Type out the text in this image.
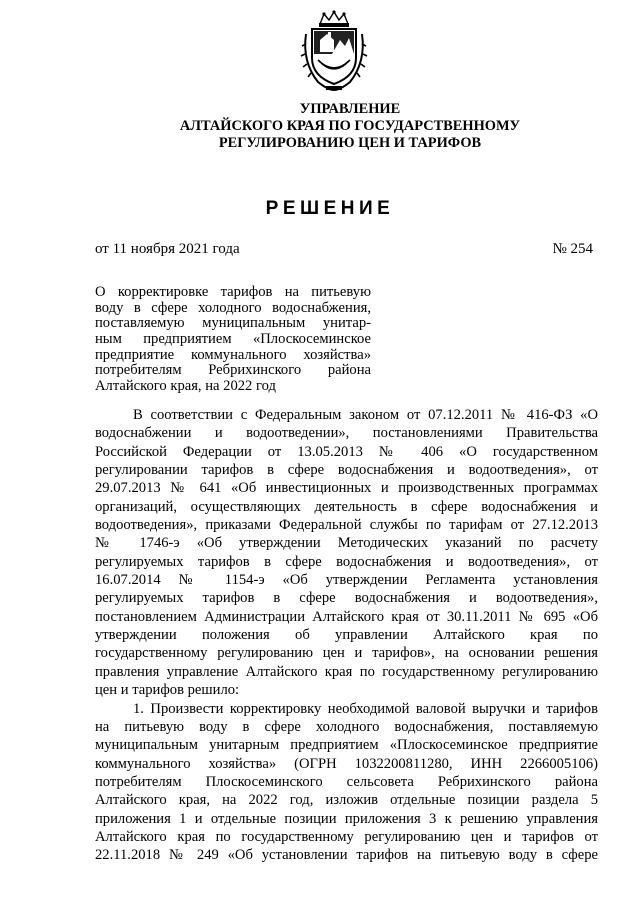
УПРАВЛЕНИЕ
АЛТАЙСКОГО КРАЯ ПО ГОСУДАРСТВЕННОМУ
РЕГУЛИРОВАНИЮ ЦЕН И ТАРИФОВ
РЕШЕНИЕ
от 11 ноября 2021 года	№ 254
О корректировке тарифов на питьевую
воду в сфере холодного водоснабжения,
поставляемую муниципальным унитар-
ным предприятием «Плоскосеминское
предприятие коммунального хозяйства»
потребителям Ребрихинского района
Алтайского края, на 2022 год
В соответствии с Федеральным законом от 07.12.2011 № 416-ФЗ «О
водоснабжении и водоотведении», постановлениями Правительства
Российской Федерации от 13.05.2013 № 406 «О государственном
регулировании тарифов в сфере водоснабжения и водоотведения», от
29.07.2013 № 641 «Об инвестиционных и производственных программах
организаций, осуществляющих деятельность в сфере водоснабжения и
водоотведения», приказами Федеральной службы по тарифам от 27.12.2013
№ 1746-э «Об утверждении Методических указаний по расчету
регулируемых тарифов в сфере водоснабжения и водоотведения», от
16.07.2014 № 1154-э «Об утверждении Регламента установления
регулируемых тарифов в сфере водоснабжения и водоотведения»,
постановлением Администрации Алтайского края от 30.11.2011 № 695 «Об
утверждении положения об управлении Алтайского края по
государственному регулированию цен и тарифов», на основании решения
правления управление Алтайского края по государственному регулированию
цен и тарифов решило:
1. Произвести корректировку необходимой валовой выручки и тарифов
на питьевую воду в сфере холодного водоснабжения, поставляемую
муниципальным унитарным предприятием «Плоскосеминское предприятие
коммунального хозяйства» (ОГРН 1032200811280, ИНН 2266005106)
потребителям Плоскосеминского сельсовета Ребрихинского района
Алтайского края, на 2022 год, изложив отдельные позиции раздела 5
приложения 1 и отдельные позиции приложения 3 к решению управления
Алтайского края по государственному регулированию цен и тарифов от
22.11.2018 № 249 «Об установлении тарифов на питьевую воду в сфере
